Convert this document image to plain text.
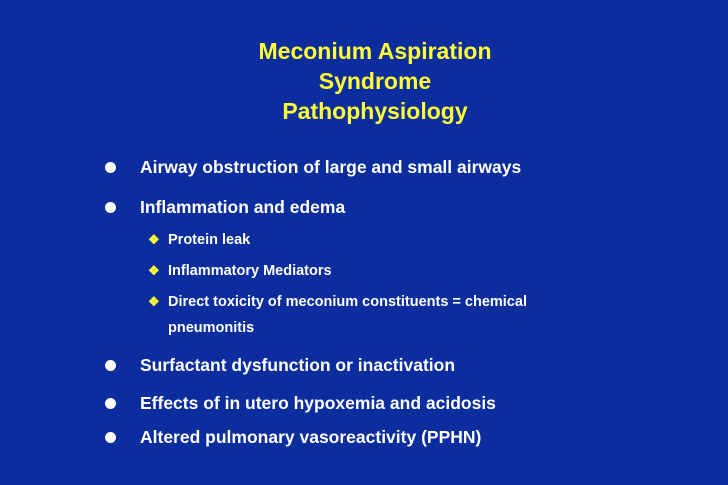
Meconium Aspiration
Syndrome
Pathophysiology
Airway obstruction of large and small airways
Inflammation and edema
❖ Protein leak
❖ Inflammatory Mediators
❖ Direct toxicity of meconium constituents = chemical
pneumonitis
Surfactant dysfunction or inactivation
Effects of in utero hypoxemia and acidosis
Altered pulmonary vasoreactivity (PPHN)
